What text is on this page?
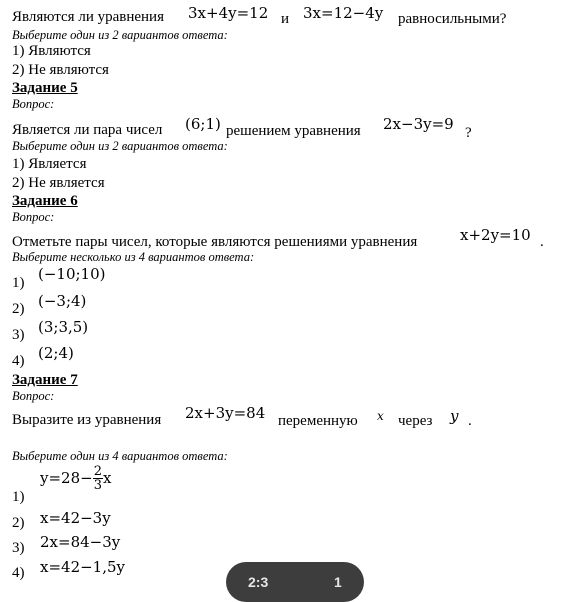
Являются ли уравнения 3x+4y=12 и 3x=12−4y равносильными?
Выберите один из 2 вариантов ответа:
1) Являются
2) Не являются
Задание 5
Вопрос:
Является ли пара чисел (6;1) решением уравнения 2x−3y=9 ?
Выберите один из 2 вариантов ответа:
1) Является
2) Не является
Задание 6
Вопрос:
Отметьте пары чисел, которые являются решениями уравнения	x+2y=10 .
Выберите несколько из 4 вариантов ответа:
1) (−10;10)
2) (−3;4)
3) (3;3,5)
4) (2;4)
Задание 7
Вопрос:
Выразите из уравнения 2x+3y=84 переменную x через y .
Выберите один из 4 вариантов ответа:
1)
$y=28- \frac{2}{3}$ x
2) x=42−3y
3) 2x=84−3y
4) x=42−1,5y
2:3	1
